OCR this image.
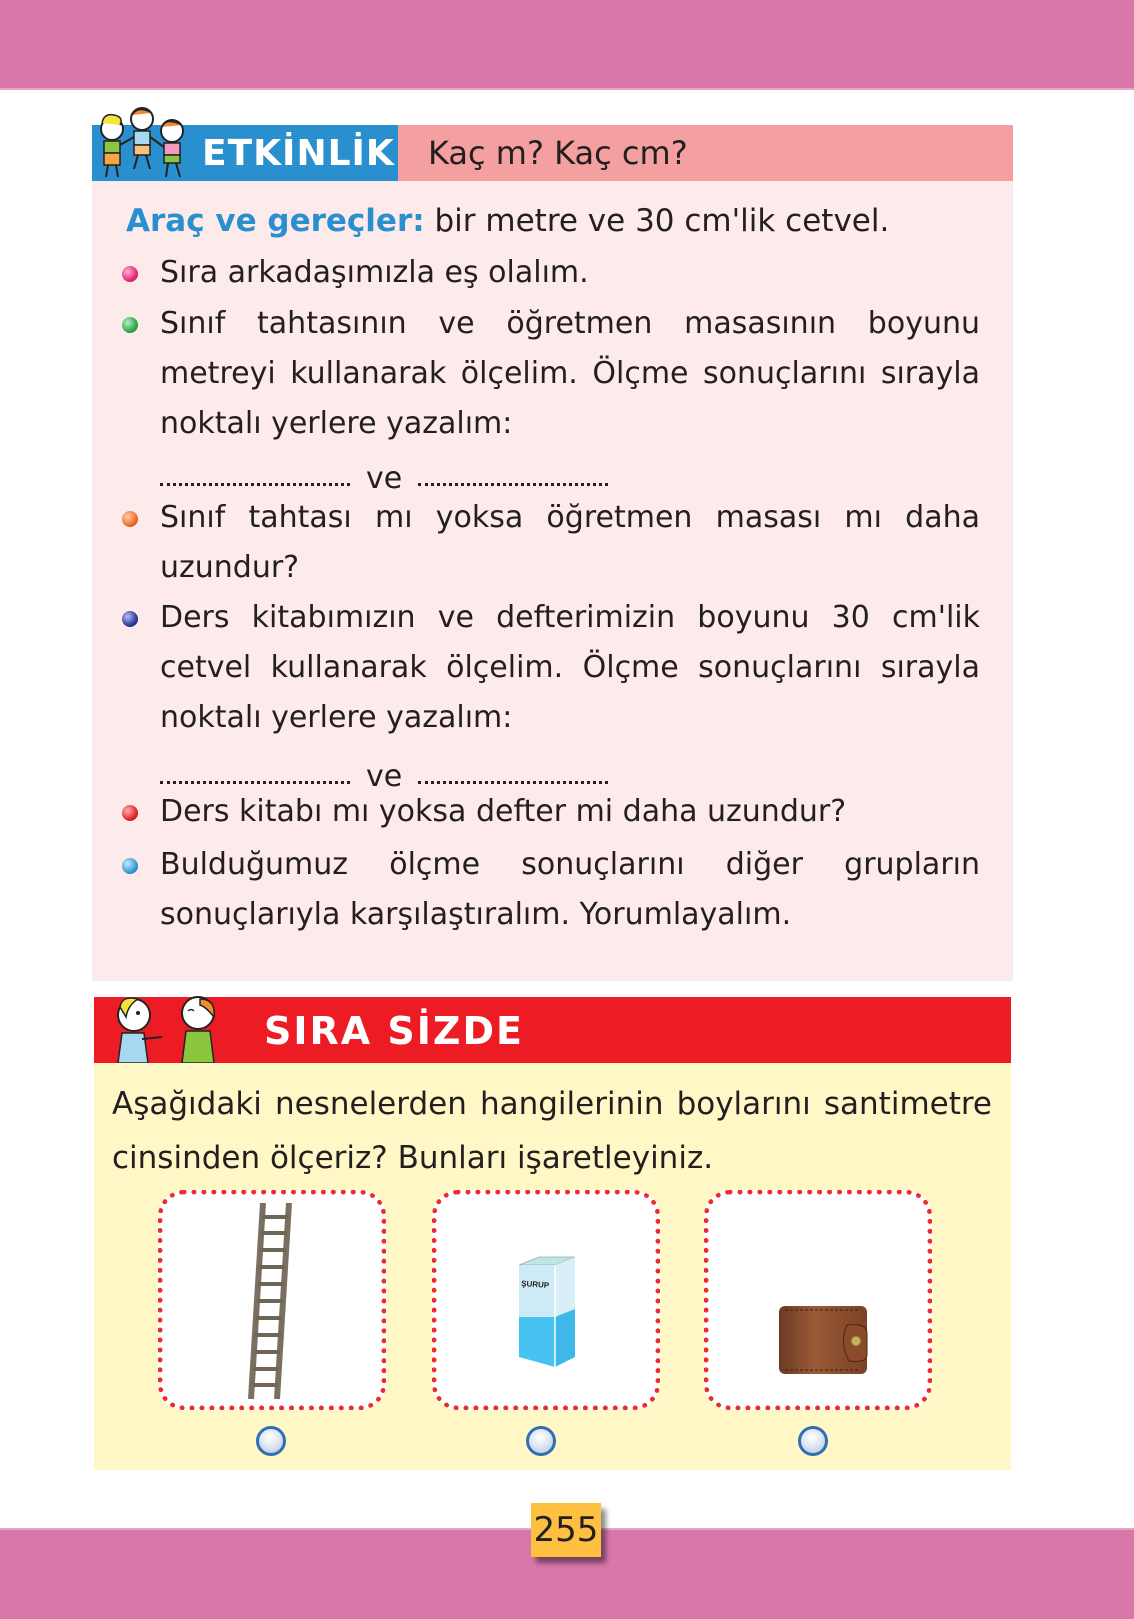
ETKİNLİK	Kaç m? Kaç cm?
Araç ve gereçler: bir metre ve 30 cm'lik cetvel.
Sıra arkadaşımızla eş olalım.
Sınıf tahtasının ve öğretmen masasının boyunu metreyi kullanarak ölçelim. Ölçme sonuçlarını sırayla noktalı yerlere yazalım:
ve
Sınıf tahtası mı yoksa öğretmen masası mı daha uzundur?
Ders kitabımızın ve defterimizin boyunu 30 cm'lik cetvel kullanarak ölçelim. Ölçme sonuçlarını sırayla noktalı yerlere yazalım:
ve
Ders kitabı mı yoksa defter mi daha uzundur?
Bulduğumuz ölçme sonuçlarını diğer grupların sonuçlarıyla karşılaştıralım. Yorumlayalım.
SIRA SİZDE
Aşağıdaki nesnelerden hangilerinin boylarını santimetre cinsinden ölçeriz? Bunları işaretleyiniz.
ŞURUP
255
